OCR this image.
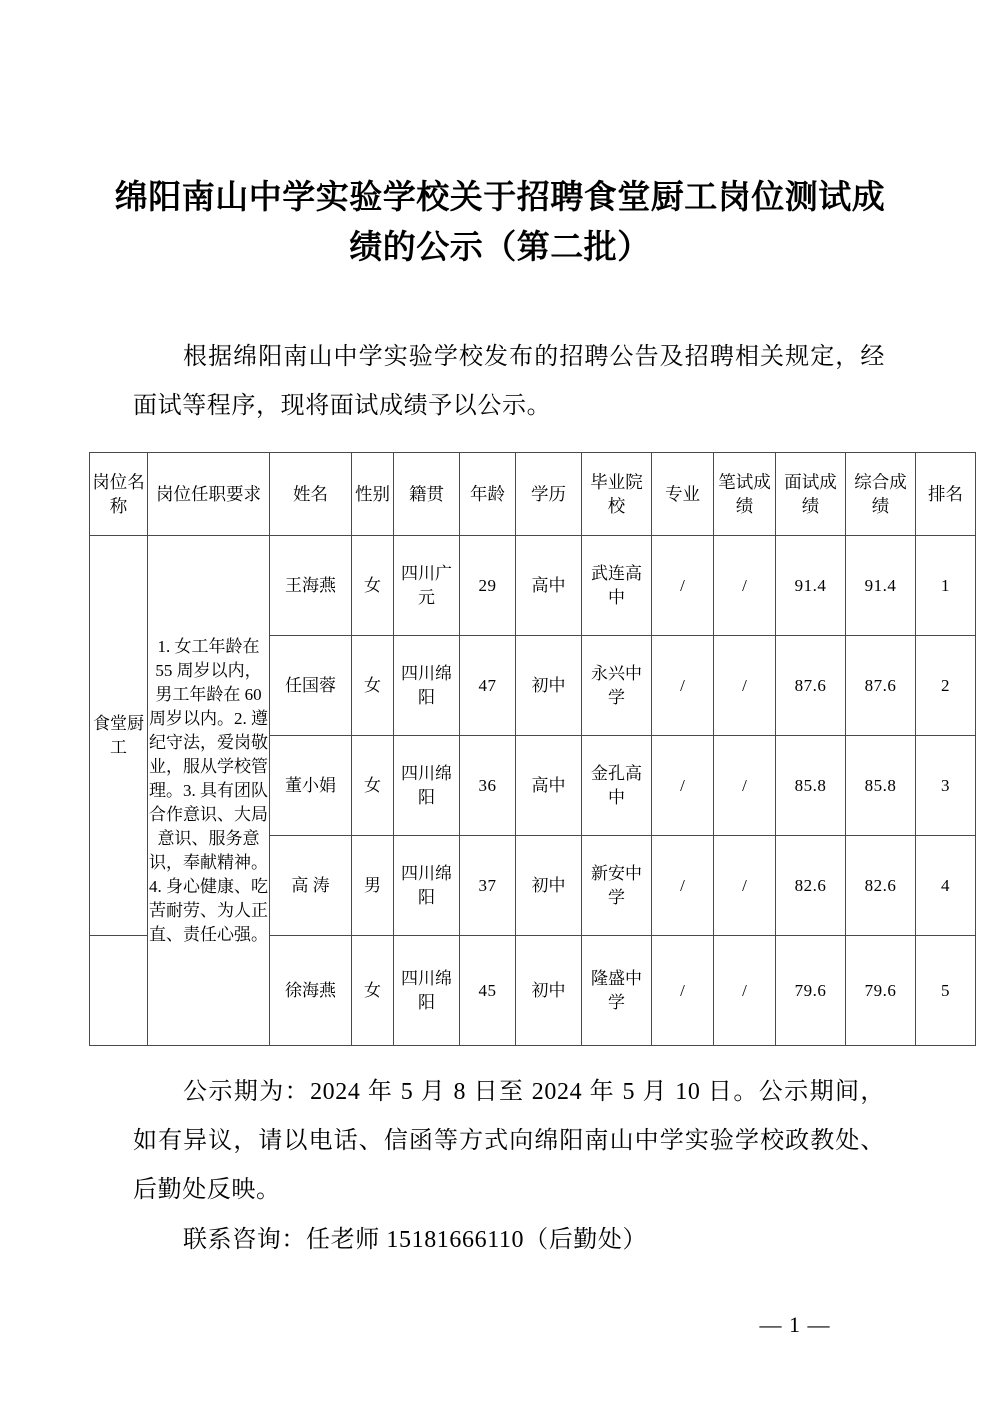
绵阳南山中学实验学校关于招聘食堂厨工岗位测试成绩的公示（第二批）
根据绵阳南山中学实验学校发布的招聘公告及招聘相关规定，经面试等程序，现将面试成绩予以公示。
岗位名称	岗位任职要求	姓名	性别	籍贯	年龄	学历	毕业院校	专业	笔试成绩	面试成绩	综合成绩	排名
食堂厨工	1. 女工年龄在 55 周岁以内，男工年龄在 60 周岁以内。2. 遵纪守法，爱岗敬业，服从学校管理。3. 具有团队合作意识、大局意识、服务意识，奉献精神。4. 身心健康、吃苦耐劳、为人正直、责任心强。	王海燕	女	四川广元	29	高中	武连高中	/	/	91.4	91.4	1
		任国蓉	女	四川绵阳	47	初中	永兴中学	/	/	87.6	87.6	2
		董小娟	女	四川绵阳	36	高中	金孔高中	/	/	85.8	85.8	3
		高 涛	男	四川绵阳	37	初中	新安中学	/	/	82.6	82.6	4
		徐海燕	女	四川绵阳	45	初中	隆盛中学	/	/	79.6	79.6	5
公示期为：2024 年 5 月 8 日至 2024 年 5 月 10 日。公示期间，如有异议，请以电话、信函等方式向绵阳南山中学实验学校政教处、后勤处反映。
联系咨询：任老师 15181666110（后勤处）
— 1 —
